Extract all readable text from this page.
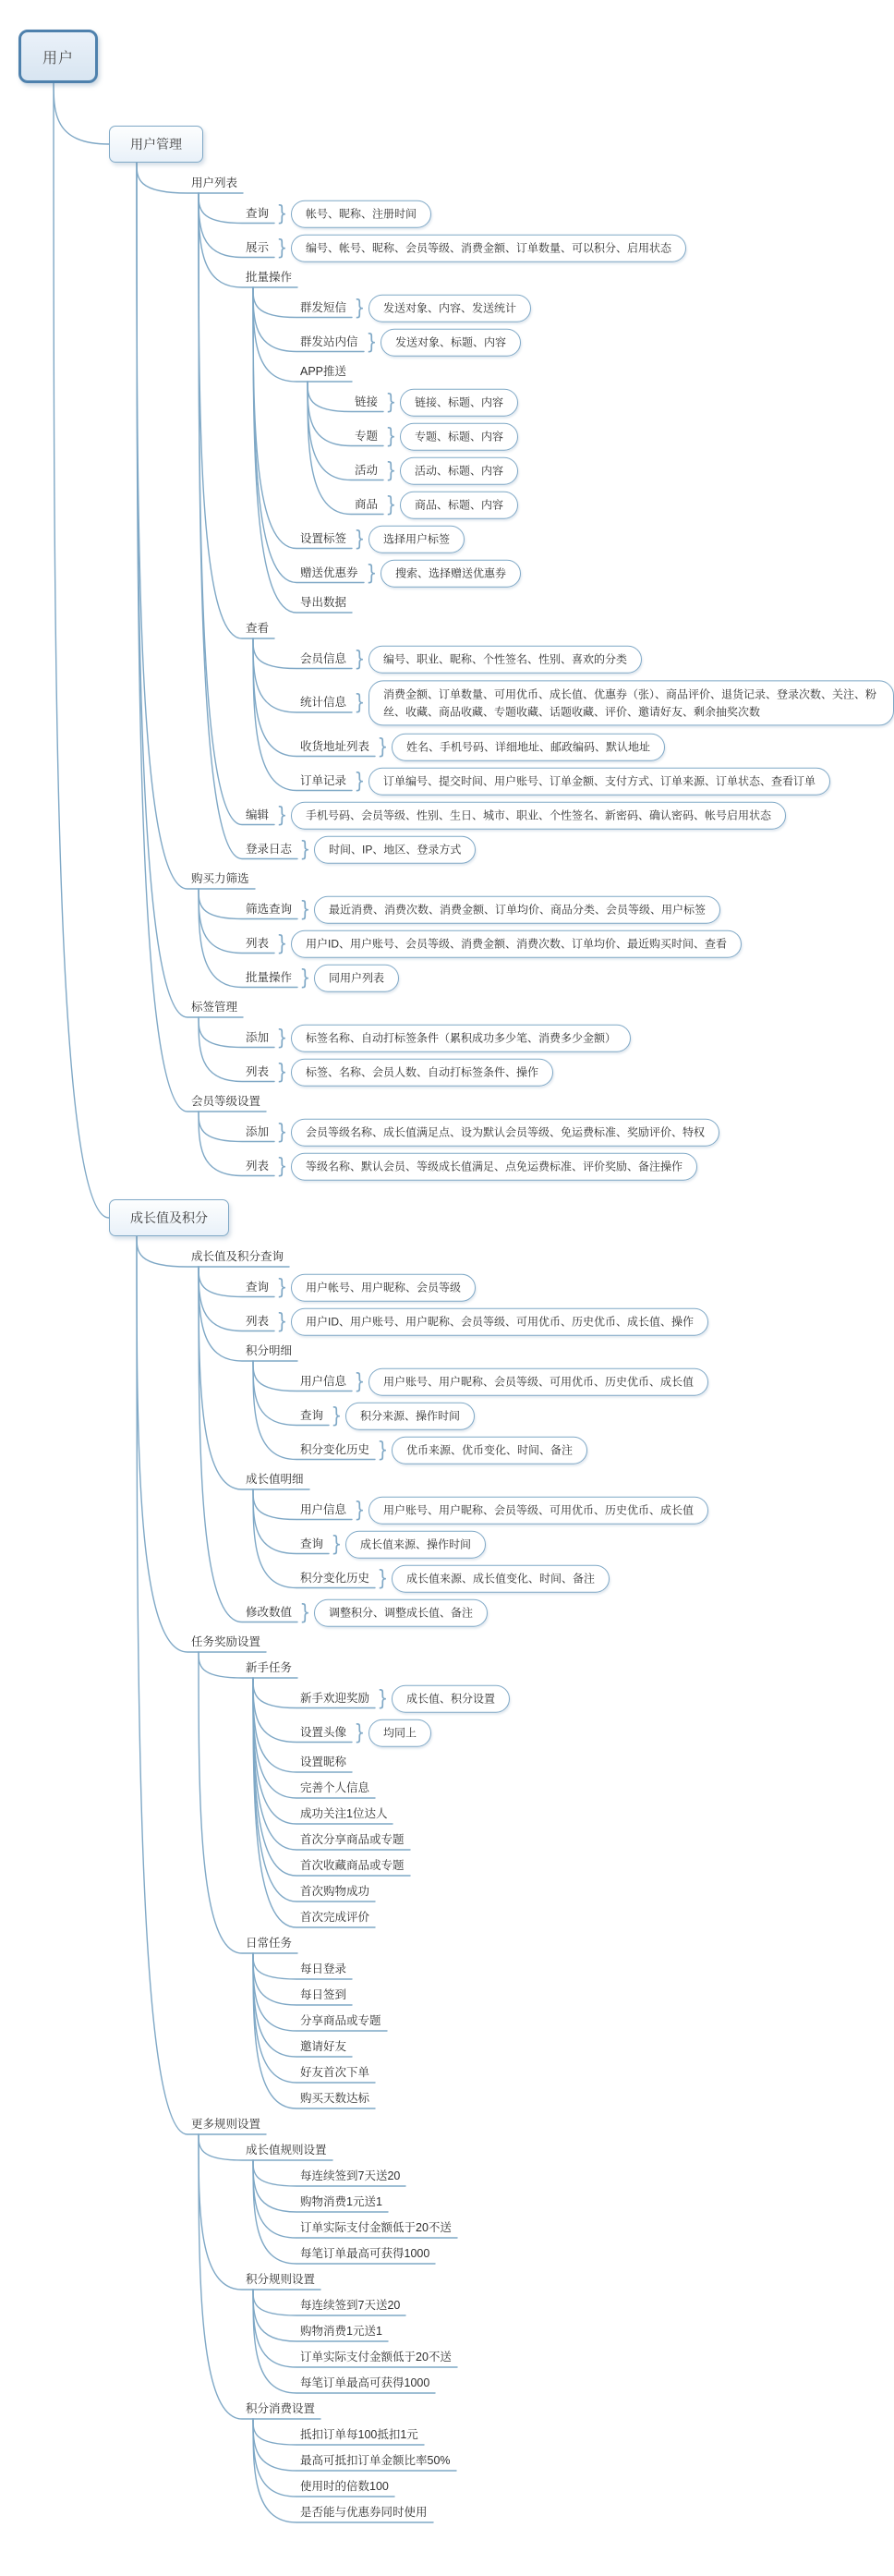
用户
用户管理
用户列表
查询 }	帐号、昵称、注册时间
展示 }	编号、帐号、昵称、会员等级、消费金额、订单数量、可以积分、启用状态
批量操作
群发短信 }	发送对象、内容、发送统计
群发站内信 }	发送对象、标题、内容
APP推送
链接 }	链接、标题、内容
专题 }	专题、标题、内容
活动 }	活动、标题、内容
商品 }	商品、标题、内容
设置标签 }	选择用户标签
赠送优惠券 }	搜索、选择赠送优惠券
导出数据
查看
会员信息 }	编号、职业、昵称、个性签名、性别、喜欢的分类
统计信息 }	消费金额、订单数量、可用优币、成长值、优惠券（张）、商品评价、退货记录、登录次数、关注、粉丝、收藏、商品收藏、专题收藏、话题收藏、评价、邀请好友、剩余抽奖次数
收货地址列表 }	姓名、手机号码、详细地址、邮政编码、默认地址
订单记录 }	订单编号、提交时间、用户账号、订单金额、支付方式、订单来源、订单状态、查看订单
编辑 }	手机号码、会员等级、性别、生日、城市、职业、个性签名、新密码、确认密码、帐号启用状态
登录日志 }	时间、IP、地区、登录方式
购买力筛选
筛选查询 }	最近消费、消费次数、消费金额、订单均价、商品分类、会员等级、用户标签
列表 }	用户ID、用户账号、会员等级、消费金额、消费次数、订单均价、最近购买时间、查看
批量操作 }	同用户列表
标签管理
添加 }	标签名称、自动打标签条件（累积成功多少笔、消费多少金额）
列表 }	标签、名称、会员人数、自动打标签条件、操作
会员等级设置
添加 }	会员等级名称、成长值满足点、设为默认会员等级、免运费标准、奖励评价、特权
列表 }	等级名称、默认会员、等级成长值满足、点免运费标准、评价奖励、备注操作
成长值及积分
成长值及积分查询
查询 }	用户帐号、用户昵称、会员等级
列表 }	用户ID、用户账号、用户昵称、会员等级、可用优币、历史优币、成长值、操作
积分明细
用户信息 }	用户账号、用户昵称、会员等级、可用优币、历史优币、成长值
查询 }	积分来源、操作时间
积分变化历史 }	优币来源、优币变化、时间、备注
成长值明细
用户信息 }	用户账号、用户昵称、会员等级、可用优币、历史优币、成长值
查询 }	成长值来源、操作时间
积分变化历史 }	成长值来源、成长值变化、时间、备注
修改数值 }	调整积分、调整成长值、备注
任务奖励设置
新手任务
新手欢迎奖励 }	成长值、积分设置
设置头像 }	均同上
设置昵称
完善个人信息
成功关注1位达人
首次分享商品或专题
首次收藏商品或专题
首次购物成功
首次完成评价
日常任务
每日登录
每日签到
分享商品或专题
邀请好友
好友首次下单
购买天数达标
更多规则设置
成长值规则设置
每连续签到7天送20
购物消费1元送1
订单实际支付金额低于20不送
每笔订单最高可获得1000
积分规则设置
每连续签到7天送20
购物消费1元送1
订单实际支付金额低于20不送
每笔订单最高可获得1000
积分消费设置
抵扣订单每100抵扣1元
最高可抵扣订单金额比率50%
使用时的倍数100
是否能与优惠券同时使用
